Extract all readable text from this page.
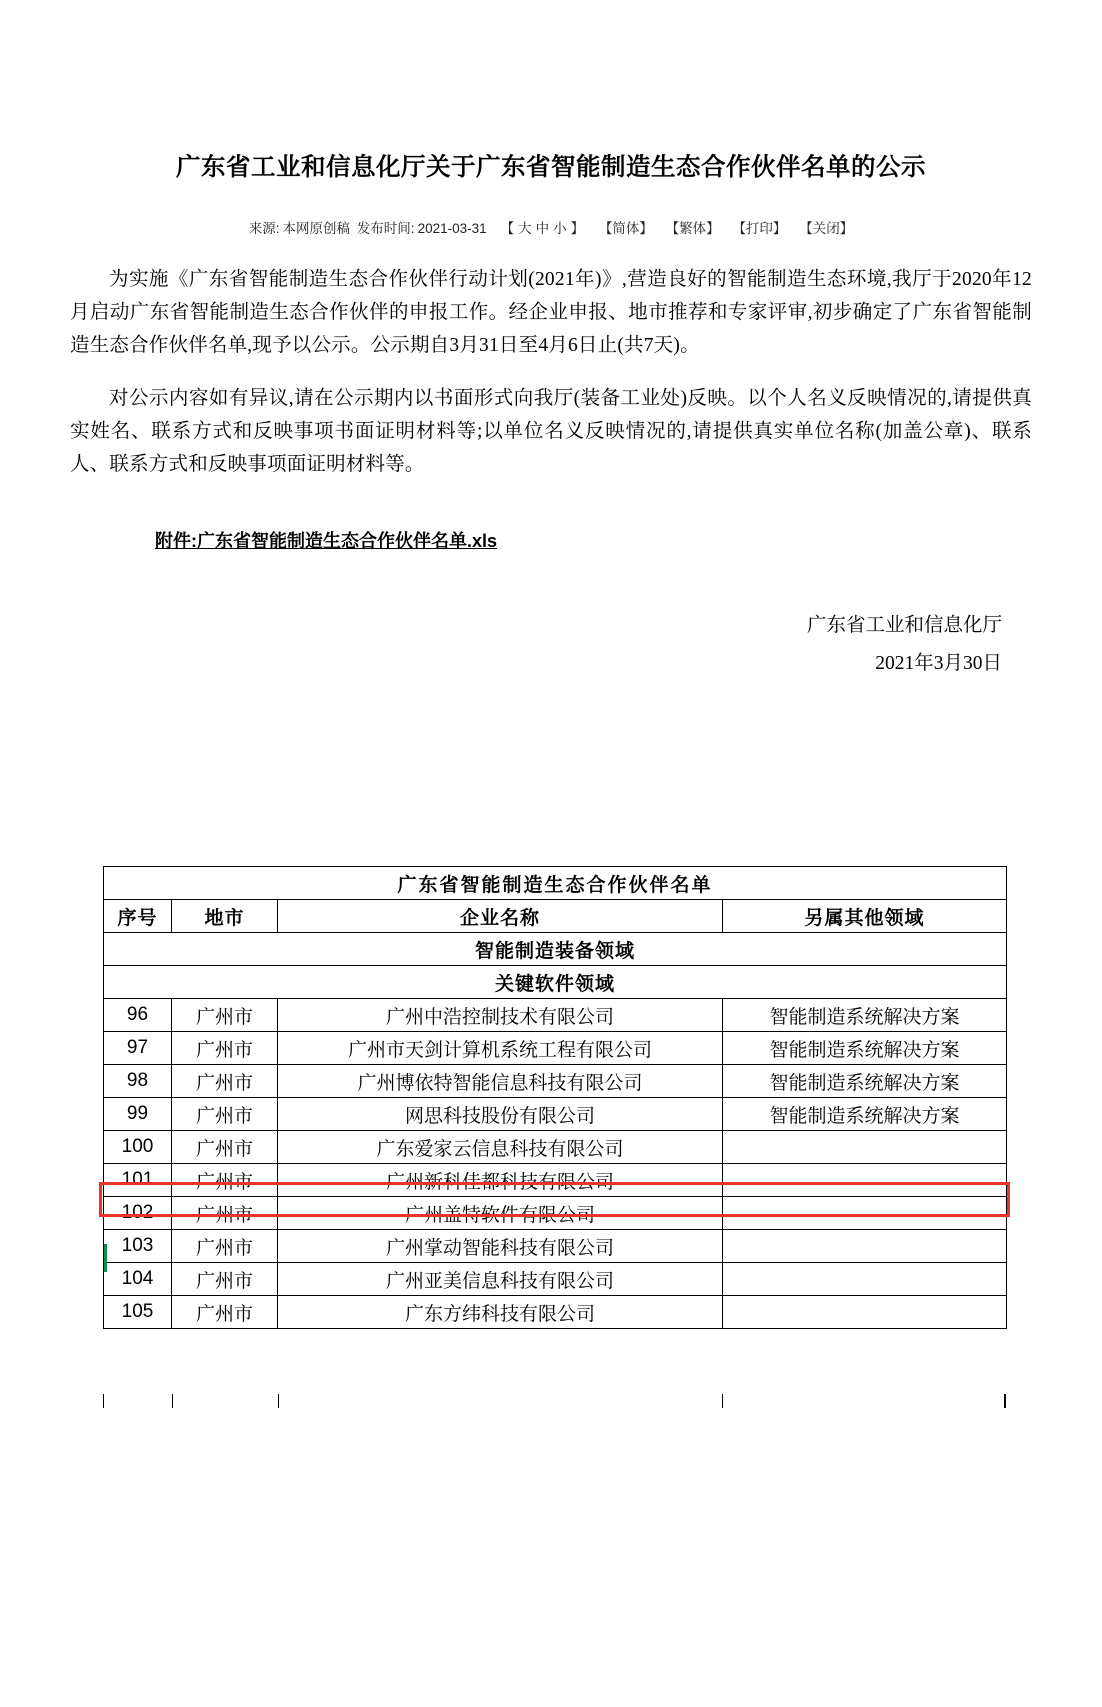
广东省工业和信息化厅关于广东省智能制造生态合作伙伴名单的公示
来源: 本网原创稿 发布时间: 2021-03-31 【 大 中 小 】 【简体】 【繁体】 【打印】 【关闭】

为实施《广东省智能制造生态合作伙伴行动计划(2021年)》,营造良好的智能制造生态环境,我厅于2020年12月启动广东省智能制造生态合作伙伴的申报工作。经企业申报、地市推荐和专家评审,初步确定了广东省智能制造生态合作伙伴名单,现予以公示。公示期自3月31日至4月6日止(共7天)。

对公示内容如有异议,请在公示期内以书面形式向我厅(装备工业处)反映。以个人名义反映情况的,请提供真实姓名、联系方式和反映事项书面证明材料等;以单位名义反映情况的,请提供真实单位名称(加盖公章)、联系人、联系方式和反映事项面证明材料等。

附件:广东省智能制造生态合作伙伴名单.xls
广东省工业和信息化厅
2021年3月30日
广东省智能制造生态合作伙伴名单			
序号	地市	企业名称	另属其他领域
智能制造装备领域			
关键软件领域			
96	广州市	广州中浩控制技术有限公司	智能制造系统解决方案
97	广州市	广州市天剑计算机系统工程有限公司	智能制造系统解决方案
98	广州市	广州博依特智能信息科技有限公司	智能制造系统解决方案
99	广州市	网思科技股份有限公司	智能制造系统解决方案
100	广州市	广东爱家云信息科技有限公司	
101	广州市	广州新科佳都科技有限公司	
102	广州市	广州盖特软件有限公司	
103	广州市	广州掌动智能科技有限公司	
104	广州市	广州亚美信息科技有限公司	
105	广州市	广东方纬科技有限公司	
